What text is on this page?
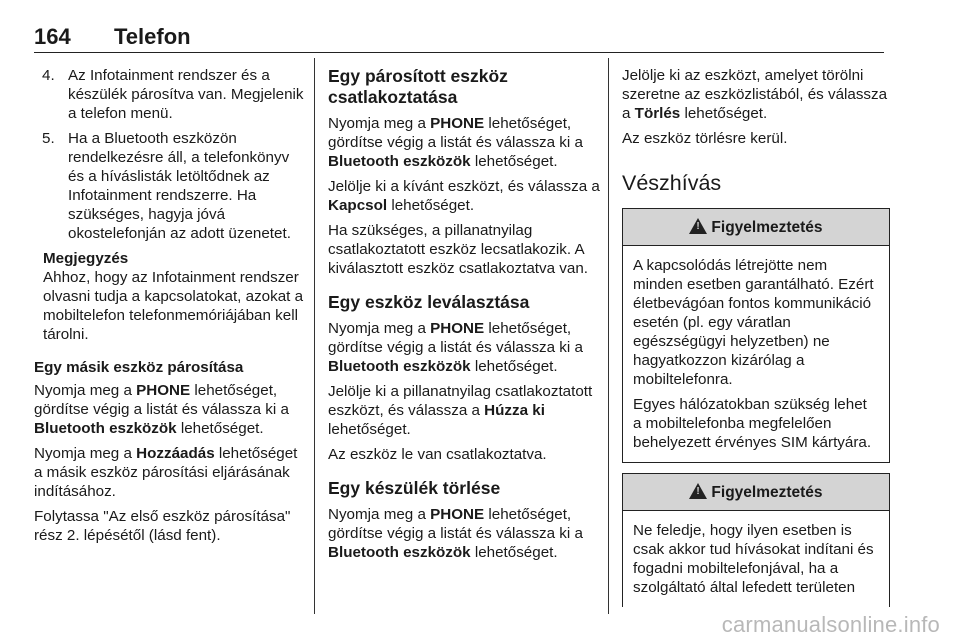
164 Telefon
4. Az Infotainment rendszer és a készülék párosítva van. Megjelenik a telefon menü.
5. Ha a Bluetooth eszközön rendelkezésre áll, a telefonkönyv és a híváslisták letöltődnek az Infotainment rendszerre. Ha szükséges, hagyja jóvá okostelefonján az adott üzenetet.
Megjegyzés

Ahhoz, hogy az Infotainment rendszer olvasni tudja a kapcsolatokat, azokat a mobiltelefon telefonmemóriájában kell tárolni.

Egy másik eszköz párosítása

Nyomja meg a PHONE lehetőséget, gördítse végig a listát és válassza ki a Bluetooth eszközök lehetőséget.

Nyomja meg a Hozzáadás lehetőséget a másik eszköz párosítási eljárásának indításához.

Folytassa "Az első eszköz párosítása" rész 2. lépésétől (lásd fent).

Egy párosított eszköz csatlakoztatása

Nyomja meg a PHONE lehetőséget, gördítse végig a listát és válassza ki a Bluetooth eszközök lehetőséget.

Jelölje ki a kívánt eszközt, és válassza a Kapcsol lehetőséget.

Ha szükséges, a pillanatnyilag csatlakoztatott eszköz lecsatlakozik. A kiválasztott eszköz csatlakoztatva van.

Egy eszköz leválasztása

Nyomja meg a PHONE lehetőséget, gördítse végig a listát és válassza ki a Bluetooth eszközök lehetőséget.

Jelölje ki a pillanatnyilag csatlakoztatott eszközt, és válassza a Húzza ki lehetőséget.

Az eszköz le van csatlakoztatva.

Egy készülék törlése

Nyomja meg a PHONE lehetőséget, gördítse végig a listát és válassza ki a Bluetooth eszközök lehetőséget.

Jelölje ki az eszközt, amelyet törölni szeretne az eszközlistából, és válassza a Törlés lehetőséget.

Az eszköz törlésre kerül.

Vészhívás
!
Figyelmeztetés

A kapcsolódás létrejötte nem minden esetben garantálható. Ezért életbevágóan fontos kommunikáció esetén (pl. egy váratlan egészségügyi helyzetben) ne hagyatkozzon kizárólag a mobiltelefonra.

Egyes hálózatokban szükség lehet a mobiltelefonba megfelelően behelyezett érvényes SIM kártyára.

!
Figyelmeztetés

Ne feledje, hogy ilyen esetben is csak akkor tud hívásokat indítani és fogadni mobiltelefonjával, ha a szolgáltató által lefedett területen

carmanualsonline.info
